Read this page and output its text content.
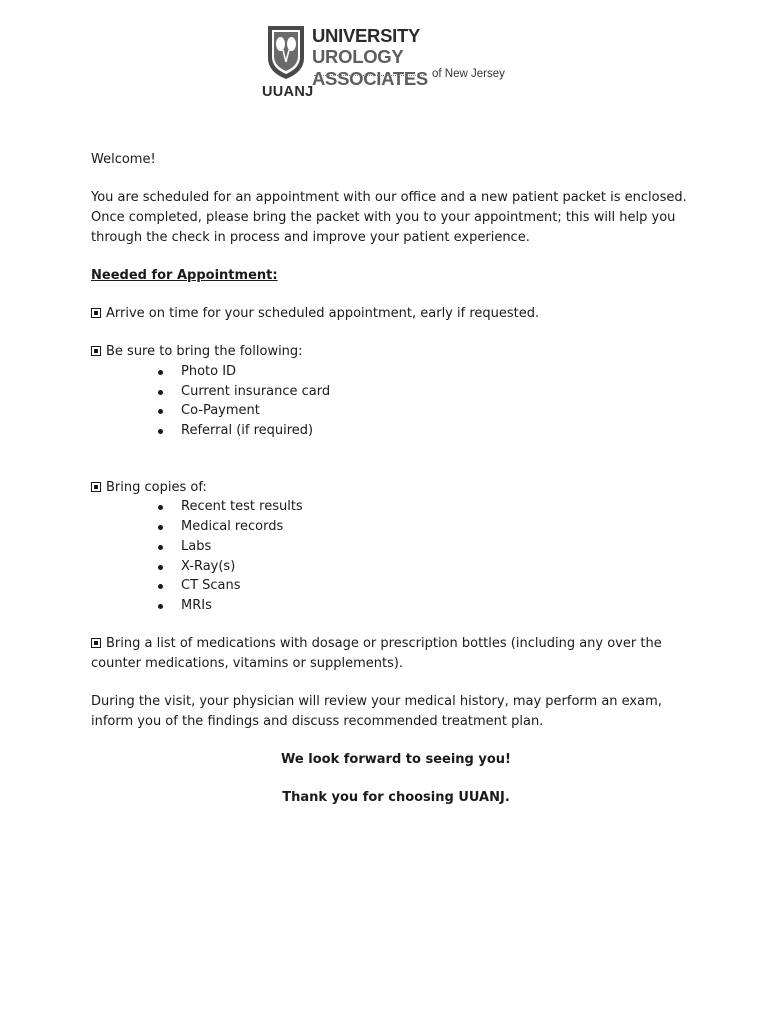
UNIVERSITY
UROLOGY ASSOCIATES of New Jersey
UUANJ

Welcome!

You are scheduled for an appointment with our office and a new patient packet is enclosed. Once completed, please bring the packet with you to your appointment; this will help you through the check in process and improve your patient experience.

Needed for Appointment:

Arrive on time for your scheduled appointment, early if requested.

Be sure to bring the following:

Photo ID
Current insurance card
Co-Payment
Referral (if required)

Bring copies of:

Recent test results
Medical records
Labs
X-Ray(s)
CT Scans
MRIs

Bring a list of medications with dosage or prescription bottles (including any over the counter medications, vitamins or supplements).

During the visit, your physician will review your medical history, may perform an exam, inform you of the findings and discuss recommended treatment plan.

We look forward to seeing you!

Thank you for choosing UUANJ.
